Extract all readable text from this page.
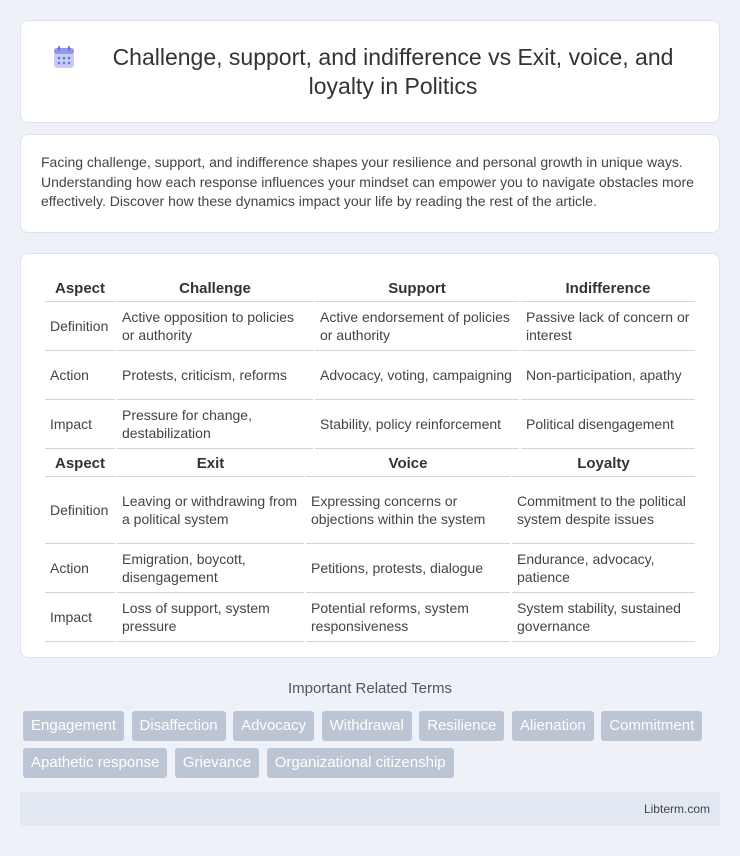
Challenge, support, and indifference vs Exit, voice, and loyalty in Politics

Facing challenge, support, and indifference shapes your resilience and personal growth in unique ways. Understanding how each response influences your mindset can empower you to navigate obstacles more effectively. Discover how these dynamics impact your life by reading the rest of the article.

Aspect	Challenge	Support	Indifference
Definition	Active opposition to policies or authority	Active endorsement of policies or authority	Passive lack of concern or interest
Action	Protests, criticism, reforms	Advocacy, voting, campaigning	Non-participation, apathy
Impact	Pressure for change, destabilization	Stability, policy reinforcement	Political disengagement
Aspect	Exit	Voice	Loyalty
Definition	Leaving or withdrawing from a political system	Expressing concerns or objections within the system	Commitment to the political system despite issues
Action	Emigration, boycott, disengagement	Petitions, protests, dialogue	Endurance, advocacy, patience
Impact	Loss of support, system pressure	Potential reforms, system responsiveness	System stability, sustained governance
Important Related Terms
Engagement Disaffection Advocacy Withdrawal Resilience Alienation Commitment Apathetic response Grievance Organizational citizenship
Libterm.com
